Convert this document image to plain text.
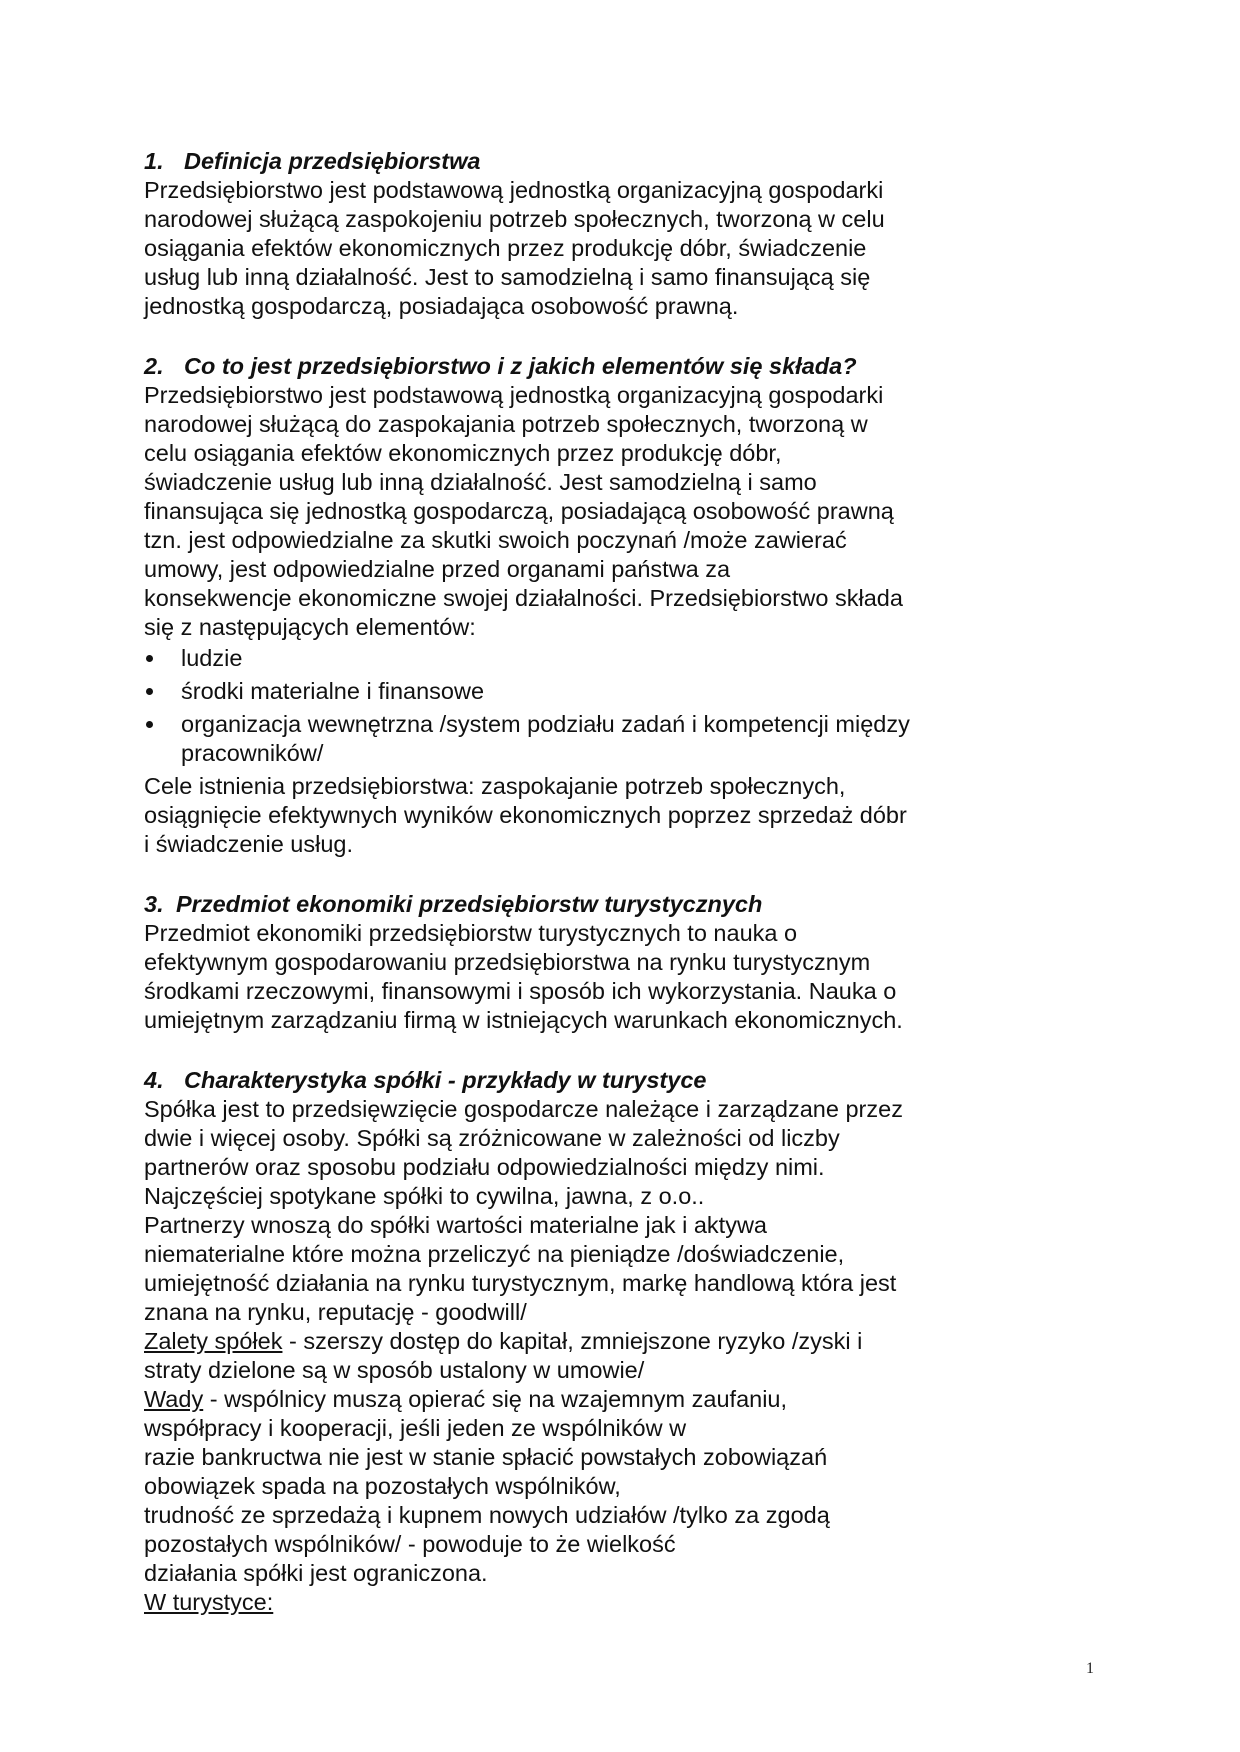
1. Definicja przedsiębiorstwa
Przedsiębiorstwo jest podstawową jednostką organizacyjną gospodarki
narodowej służącą zaspokojeniu potrzeb społecznych, tworzoną w celu
osiągania efektów ekonomicznych przez produkcję dóbr, świadczenie
usług lub inną działalność. Jest to samodzielną i samo finansującą się
jednostką gospodarczą, posiadająca osobowość prawną.
2. Co to jest przedsiębiorstwo i z jakich elementów się składa?
Przedsiębiorstwo jest podstawową jednostką organizacyjną gospodarki
narodowej służącą do zaspokajania potrzeb społecznych, tworzoną w
celu osiągania efektów ekonomicznych przez produkcję dóbr,
świadczenie usług lub inną działalność. Jest samodzielną i samo
finansująca się jednostką gospodarczą, posiadającą osobowość prawną
tzn. jest odpowiedzialne za skutki swoich poczynań /może zawierać
umowy, jest odpowiedzialne przed organami państwa za
konsekwencje ekonomiczne swojej działalności. Przedsiębiorstwo składa
się z następujących elementów:
ludzie
środki materialne i finansowe
organizacja wewnętrzna /system podziału zadań i kompetencji między
pracowników/
Cele istnienia przedsiębiorstwa: zaspokajanie potrzeb społecznych,
osiągnięcie efektywnych wyników ekonomicznych poprzez sprzedaż dóbr
i świadczenie usług.
3. Przedmiot ekonomiki przedsiębiorstw turystycznych
Przedmiot ekonomiki przedsiębiorstw turystycznych to nauka o
efektywnym gospodarowaniu przedsiębiorstwa na rynku turystycznym
środkami rzeczowymi, finansowymi i sposób ich wykorzystania. Nauka o
umiejętnym zarządzaniu firmą w istniejących warunkach ekonomicznych.
4. Charakterystyka spółki - przykłady w turystyce
Spółka jest to przedsięwzięcie gospodarcze należące i zarządzane przez
dwie i więcej osoby. Spółki są zróżnicowane w zależności od liczby
partnerów oraz sposobu podziału odpowiedzialności między nimi.
Najczęściej spotykane spółki to cywilna, jawna, z o.o..
Partnerzy wnoszą do spółki wartości materialne jak i aktywa
niematerialne które można przeliczyć na pieniądze /doświadczenie,
umiejętność działania na rynku turystycznym, markę handlową która jest
znana na rynku, reputację - goodwill/
Zalety spółek - szerszy dostęp do kapitał, zmniejszone ryzyko /zyski i
straty dzielone są w sposób ustalony w umowie/
Wady - wspólnicy muszą opierać się na wzajemnym zaufaniu,
współpracy i kooperacji, jeśli jeden ze wspólników w
razie bankructwa nie jest w stanie spłacić powstałych zobowiązań
obowiązek spada na pozostałych wspólników,
trudność ze sprzedażą i kupnem nowych udziałów /tylko za zgodą
pozostałych wspólników/ - powoduje to że wielkość
działania spółki jest ograniczona.
W turystyce:
1
